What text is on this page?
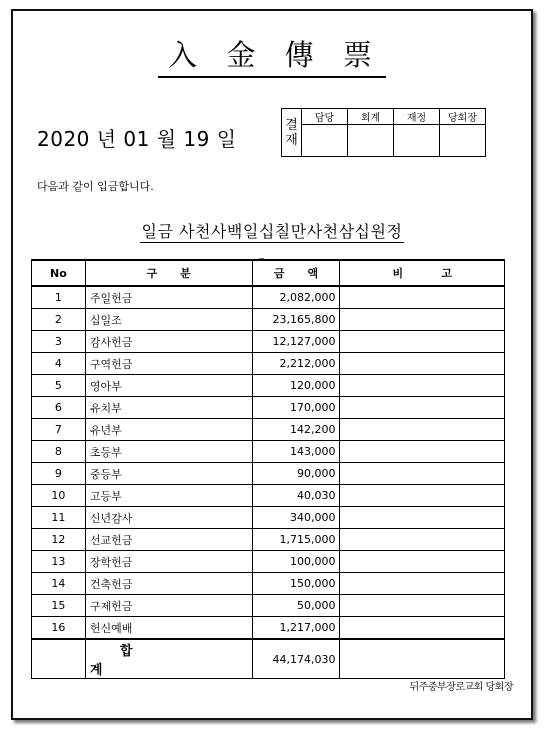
入 金 傳 票
2020 년 01 월 19 일
결
재	담당	회계	재정	당회장

다음과 같이 입금합니다.
일금 사천사백일십칠만사천삼십원정
_
No	구      분	금      액	비          고
1	주일헌금	2,082,000	
2	십일조	23,165,800	
3	감사헌금	12,127,000	
4	구역헌금	2,212,000	
5	영아부	120,000	
6	유치부	170,000	
7	유년부	142,200	
8	초등부	143,000	
9	중등부	90,000	
10	고등부	40,030	
11	신년감사	340,000	
12	선교헌금	1,715,000	
13	장학헌금	100,000	
14	건축헌금	150,000	
15	구제헌금	50,000	
16	헌신예배	1,217,000	
	합 계	44,174,030	
뒤주중부장로교회 당회장
